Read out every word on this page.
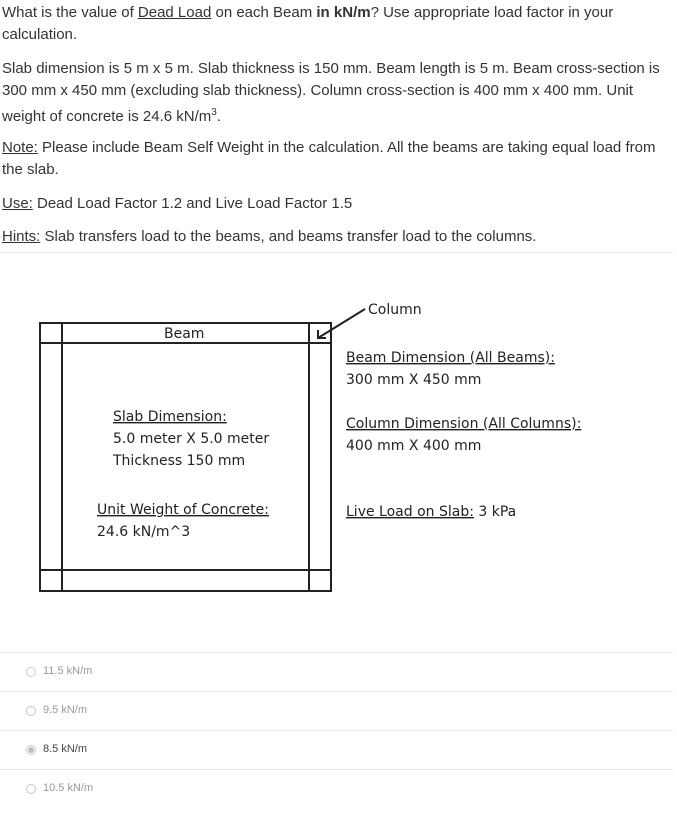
What is the value of Dead Load on each Beam in kN/m? Use appropriate load factor in your calculation.

Slab dimension is 5 m x 5 m. Slab thickness is 150 mm. Beam length is 5 m. Beam cross-section is 300 mm x 450 mm (excluding slab thickness). Column cross-section is 400 mm x 400 mm. Unit weight of concrete is 24.6 $kN/m^3$.

Note: Please include Beam Self Weight in the calculation. All the beams are taking equal load from the slab.

Use: Dead Load Factor 1.2 and Live Load Factor 1.5

Hints: Slab transfers load to the beams, and beams transfer load to the columns.

Column
Beam
Slab Dimension:
5.0 meter X 5.0 meter
Thickness 150 mm
Unit Weight of Concrete:
24.6 kN/m^3
Beam Dimension (All Beams):
300 mm X 450 mm
Column Dimension (All Columns):
400 mm X 400 mm
Live Load on Slab: 3 kPa
11.5 kN/m
9.5 kN/m
8.5 kN/m
10.5 kN/m
